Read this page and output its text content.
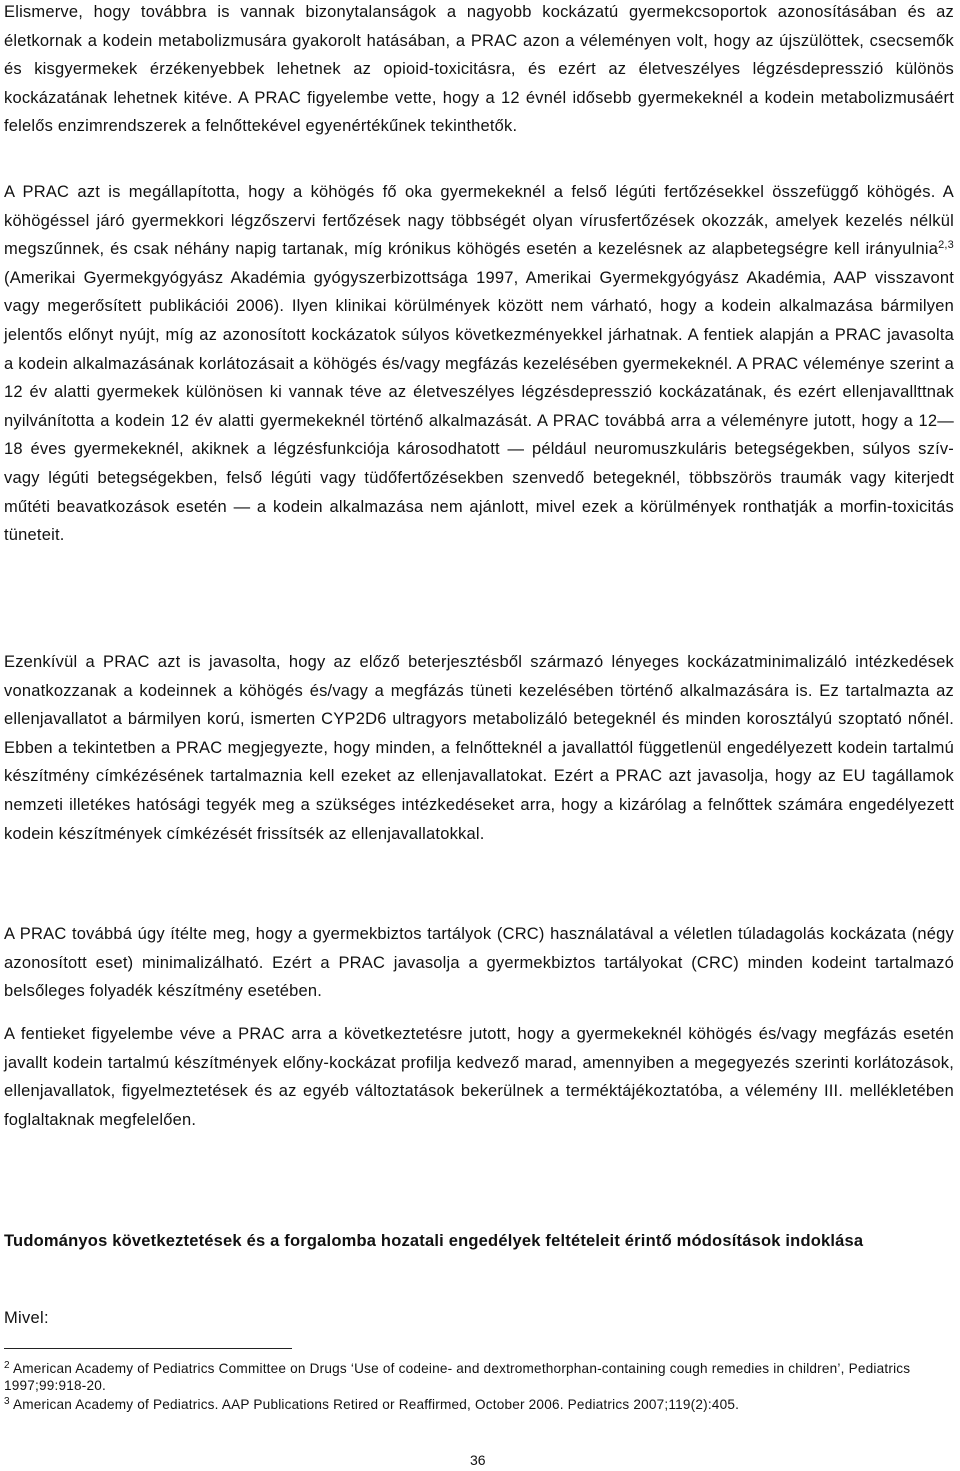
Elismerve, hogy továbbra is vannak bizonytalanságok a nagyobb kockázatú gyermekcsoportok azonosításában és az életkornak a kodein metabolizmusára gyakorolt hatásában, a PRAC azon a véleményen volt, hogy az újszülöttek, csecsemők és kisgyermekek érzékenyebbek lehetnek az opioid-toxicitásra, és ezért az életveszélyes légzésdepresszió különös kockázatának lehetnek kitéve. A PRAC figyelembe vette, hogy a 12 évnél idősebb gyermekeknél a kodein metabolizmusáért felelős enzimrendszerek a felnőttekével egyenértékűnek tekinthetők.

A PRAC azt is megállapította, hogy a köhögés fő oka gyermekeknél a felső légúti fertőzésekkel összefüggő köhögés. A köhögéssel járó gyermekkori légzőszervi fertőzések nagy többségét olyan vírusfertőzések okozzák, amelyek kezelés nélkül megszűnnek, és csak néhány napig tartanak, míg krónikus köhögés esetén a kezelésnek az alapbetegségre kell irányulnia$^{2,3}$ (Amerikai Gyermekgyógyász Akadémia gyógyszerbizottsága 1997, Amerikai Gyermekgyógyász Akadémia, AAP visszavont vagy megerősített publikációi 2006). Ilyen klinikai körülmények között nem várható, hogy a kodein alkalmazása bármilyen jelentős előnyt nyújt, míg az azonosított kockázatok súlyos következményekkel járhatnak. A fentiek alapján a PRAC javasolta a kodein alkalmazásának korlátozásait a köhögés és/vagy megfázás kezelésében gyermekeknél. A PRAC véleménye szerint a 12 év alatti gyermekek különösen ki vannak téve az életveszélyes légzésdepresszió kockázatának, és ezért ellenjavallttnak nyilvánította a kodein 12 év alatti gyermekeknél történő alkalmazását. A PRAC továbbá arra a véleményre jutott, hogy a 12—18 éves gyermekeknél, akiknek a légzésfunkciója károsodhatott — például neuromuszkuláris betegségekben, súlyos szív- vagy légúti betegségekben, felső légúti vagy tüdőfertőzésekben szenvedő betegeknél, többszörös traumák vagy kiterjedt műtéti beavatkozások esetén — a kodein alkalmazása nem ajánlott, mivel ezek a körülmények ronthatják a morfin-toxicitás tüneteit.

Ezenkívül a PRAC azt is javasolta, hogy az előző beterjesztésből származó lényeges kockázatminimalizáló intézkedések vonatkozzanak a kodeinnek a köhögés és/vagy a megfázás tüneti kezelésében történő alkalmazására is. Ez tartalmazta az ellenjavallatot a bármilyen korú, ismerten CYP2D6 ultragyors metabolizáló betegeknél és minden korosztályú szoptató nőnél. Ebben a tekintetben a PRAC megjegyezte, hogy minden, a felnőtteknél a javallattól függetlenül engedélyezett kodein tartalmú készítmény címkézésének tartalmaznia kell ezeket az ellenjavallatokat. Ezért a PRAC azt javasolja, hogy az EU tagállamok nemzeti illetékes hatósági tegyék meg a szükséges intézkedéseket arra, hogy a kizárólag a felnőttek számára engedélyezett kodein készítmények címkézését frissítsék az ellenjavallatokkal.

A PRAC továbbá úgy ítélte meg, hogy a gyermekbiztos tartályok (CRC) használatával a véletlen túladagolás kockázata (négy azonosított eset) minimalizálható. Ezért a PRAC javasolja a gyermekbiztos tartályokat (CRC) minden kodeint tartalmazó belsőleges folyadék készítmény esetében.

A fentieket figyelembe véve a PRAC arra a következtetésre jutott, hogy a gyermekeknél köhögés és/vagy megfázás esetén javallt kodein tartalmú készítmények előny-kockázat profilja kedvező marad, amennyiben a megegyezés szerinti korlátozások, ellenjavallatok, figyelmeztetések és az egyéb változtatások bekerülnek a terméktájékoztatóba, a vélemény III. mellékletében foglaltaknak megfelelően.

Tudományos következtetések és a forgalomba hozatali engedélyek feltételeit érintő módosítások indoklása

Mivel:

$^2$ American Academy of Pediatrics Committee on Drugs ‘Use of codeine- and dextromethorphan-containing cough remedies in children’, Pediatrics 1997;99:918-20.

$^3$ American Academy of Pediatrics. AAP Publications Retired or Reaffirmed, October 2006. Pediatrics 2007;119(2):405.

36
